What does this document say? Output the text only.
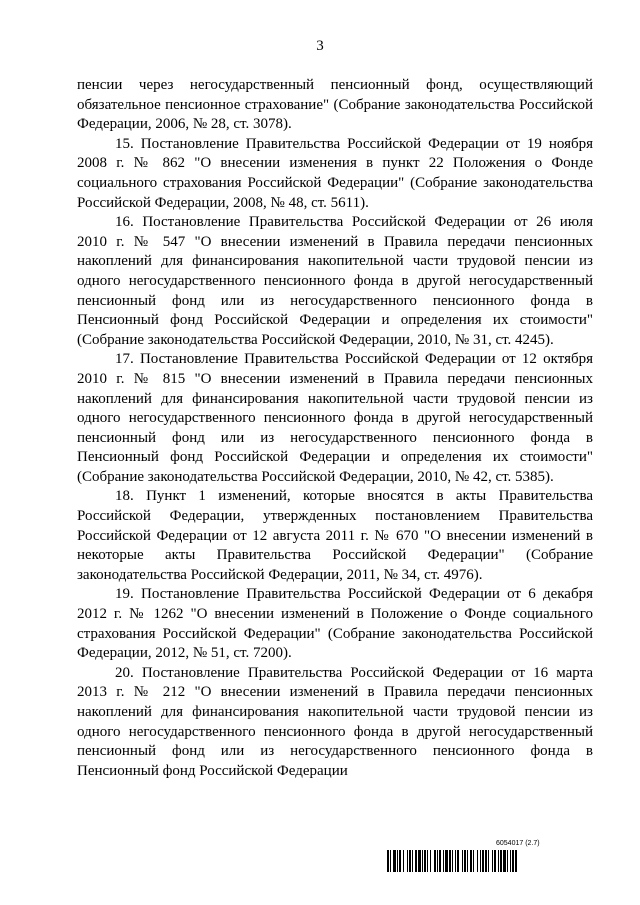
3

пенсии через негосударственный пенсионный фонд, осуществляющий обязательное пенсионное страхование" (Собрание законодательства Российской Федерации, 2006, № 28, ст. 3078).

15. Постановление Правительства Российской Федерации от 19 ноября 2008 г. № 862 "О внесении изменения в пункт 22 Положения о Фонде социального страхования Российской Федерации" (Собрание законодательства Российской Федерации, 2008, № 48, ст. 5611).

16. Постановление Правительства Российской Федерации от 26 июля 2010 г. № 547 "О внесении изменений в Правила передачи пенсионных накоплений для финансирования накопительной части трудовой пенсии из одного негосударственного пенсионного фонда в другой негосударственный пенсионный фонд или из негосударственного пенсионного фонда в Пенсионный фонд Российской Федерации и определения их стоимости" (Собрание законодательства Российской Федерации, 2010, № 31, ст. 4245).

17. Постановление Правительства Российской Федерации от 12 октября 2010 г. № 815 "О внесении изменений в Правила передачи пенсионных накоплений для финансирования накопительной части трудовой пенсии из одного негосударственного пенсионного фонда в другой негосударственный пенсионный фонд или из негосударственного пенсионного фонда в Пенсионный фонд Российской Федерации и определения их стоимости" (Собрание законодательства Российской Федерации, 2010, № 42, ст. 5385).

18. Пункт 1 изменений, которые вносятся в акты Правительства Российской Федерации, утвержденных постановлением Правительства Российской Федерации от 12 августа 2011 г. № 670 "О внесении изменений в некоторые акты Правительства Российской Федерации" (Собрание законодательства Российской Федерации, 2011, № 34, ст. 4976).

19. Постановление Правительства Российской Федерации от 6 декабря 2012 г. № 1262 "О внесении изменений в Положение о Фонде социального страхования Российской Федерации" (Собрание законодательства Российской Федерации, 2012, № 51, ст. 7200).

20. Постановление Правительства Российской Федерации от 16 марта 2013 г. № 212 "О внесении изменений в Правила передачи пенсионных накоплений для финансирования накопительной части трудовой пенсии из одного негосударственного пенсионного фонда в другой негосударственный пенсионный фонд или из негосударственного пенсионного фонда в Пенсионный фонд Российской Федерации

6054017 (2.7)
